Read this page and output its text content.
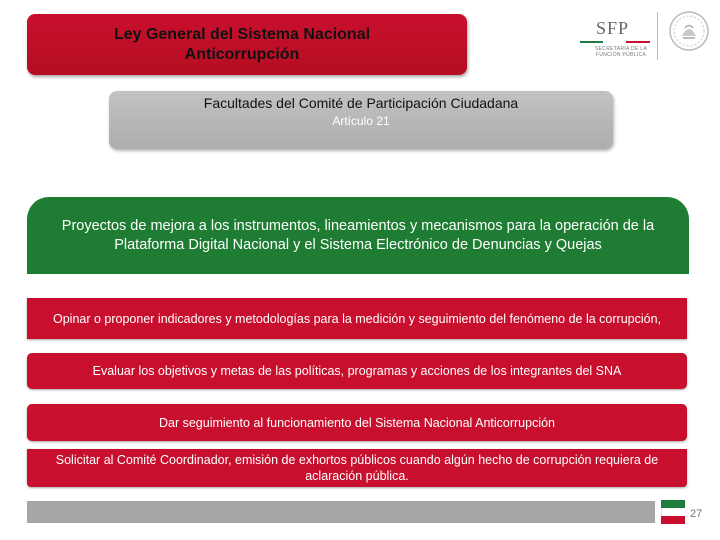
Ley General del Sistema Nacional Anticorrupción
SFP
SECRETARÍA DE LA FUNCIÓN PÚBLICA
Facultades del Comité de Participación Ciudadana
Artículo 21
Proyectos de mejora a los instrumentos, lineamientos y mecanismos para la operación de la Plataforma Digital Nacional y el Sistema Electrónico de Denuncias y Quejas
Opinar o proponer indicadores y metodologías para la medición y seguimiento del fenómeno de la corrupción,
Evaluar los objetivos y metas de las políticas, programas y acciones de los integrantes del SNA
Dar seguimiento al funcionamiento del Sistema Nacional Anticorrupción
Solicitar al Comité Coordinador, emisión de exhortos públicos cuando algún hecho de corrupción requiera de aclaración pública.
27
